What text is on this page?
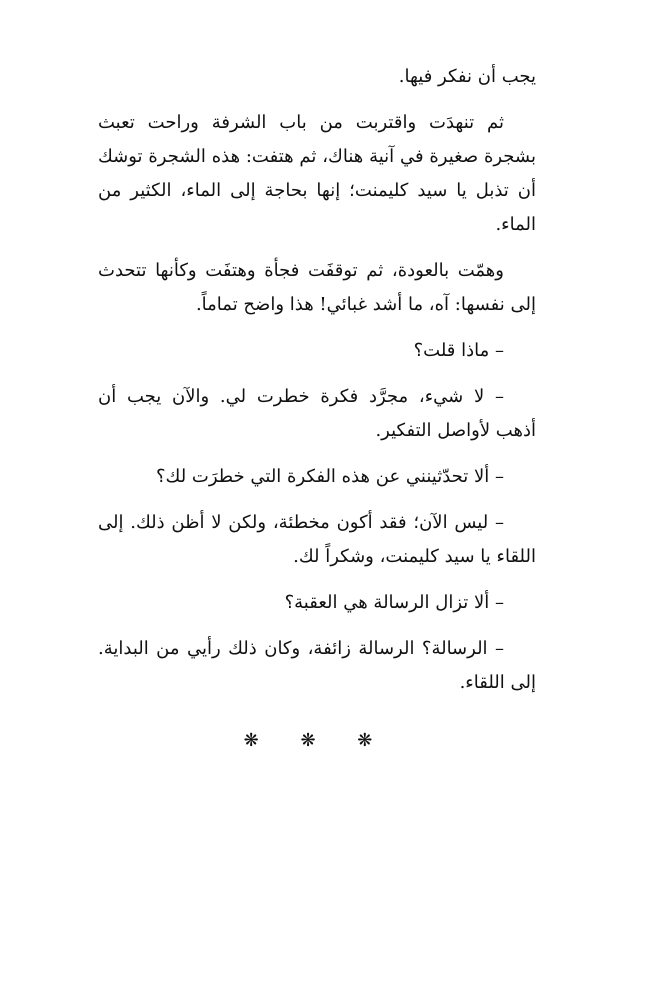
يجب أن نفكر فيها.

ثم تنهدَت واقتربت من باب الشرفة وراحت تعبث بشجرة صغيرة في آنية هناك، ثم هتفت: هذه الشجرة توشك أن تذبل يا سيد كليمنت؛ إنها بحاجة إلى الماء، الكثير من الماء.

وهمّت بالعودة، ثم توقفَت فجأة وهتفَت وكأنها تتحدث إلى نفسها: آه، ما أشد غبائي! هذا واضح تماماً.

– ماذا قلت؟

– لا شيء، مجرَّد فكرة خطرت لي. والآن يجب أن أذهب لأواصل التفكير.

– ألا تحدّثينني عن هذه الفكرة التي خطرَت لك؟

– ليس الآن؛ فقد أكون مخطئة، ولكن لا أظن ذلك. إلى اللقاء يا سيد كليمنت، وشكراً لك.

– ألا تزال الرسالة هي العقبة؟

– الرسالة؟ الرسالة زائفة، وكان ذلك رأيي من البداية. إلى اللقاء.

❋ ❋ ❋
